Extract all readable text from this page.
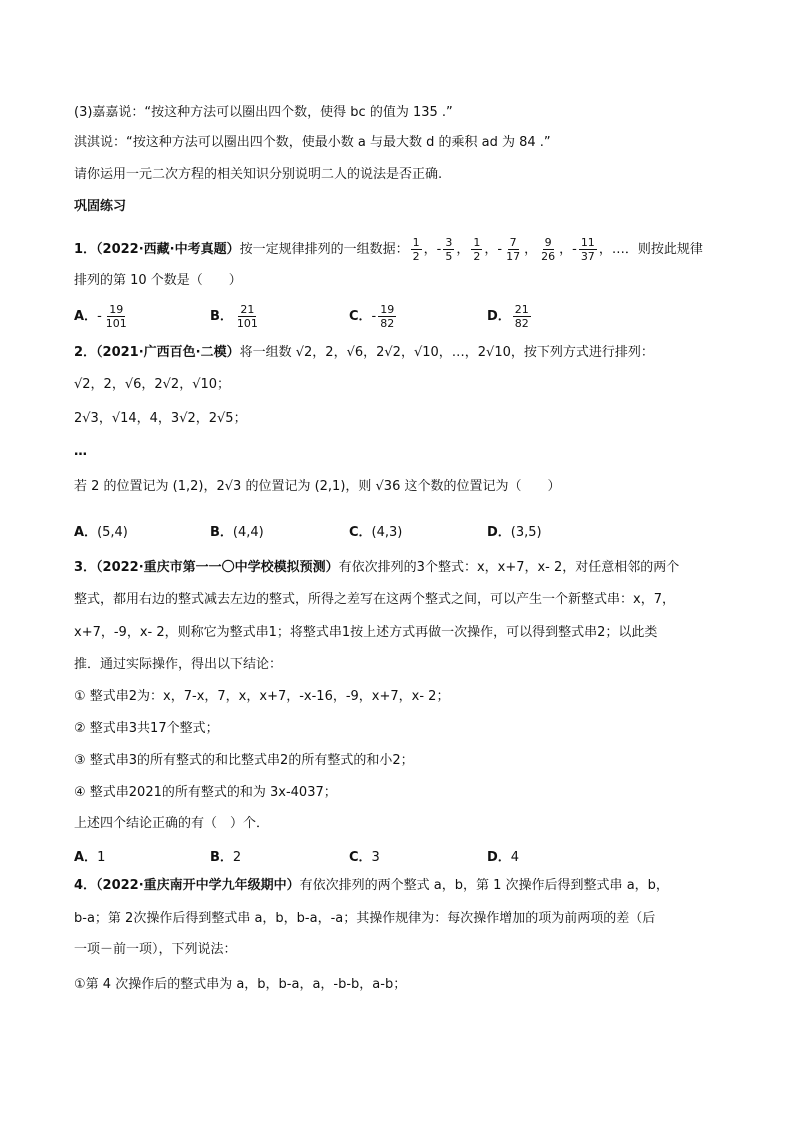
(3)嘉嘉说：“按这种方法可以圈出四个数，使得 bc 的值为 135 .”
淇淇说：“按这种方法可以圈出四个数，使最小数 a 与最大数 d 的乘积 ad 为 84 .”
请你运用一元二次方程的相关知识分别说明二人的说法是否正确.
巩固练习
1．（2022·西藏·中考真题）按一定规律排列的一组数据： $\frac{1}{2}$ ，- $\frac{3}{5}$ ， $\frac{1}{2}$ ，- $\frac{7}{17}$ ， $\frac{9}{26}$ ，- $\frac{11}{37}$ ，…．则按此规律
排列的第 10 个数是（　　）
A．- $\frac{19}{101}$	B． $\frac{21}{101}$	C．- $\frac{19}{82}$	D． $\frac{21}{82}$
2．（2021·广西百色·二模）将一组数 √2，2，√6，2√2，√10，…，2√10，按下列方式进行排列：
√2，2，√6，2√2，√10；
2√3，√14，4，3√2，2√5；
…
若 2 的位置记为 (1,2)，2√3 的位置记为 (2,1)，则 √36 这个数的位置记为（　　）
A．(5,4)	B．(4,4)	C．(4,3)	D．(3,5)
3．（2022·重庆市第一一〇中学校模拟预测）有依次排列的3个整式：x，x+7，x- 2，对任意相邻的两个
整式，都用右边的整式减去左边的整式，所得之差写在这两个整式之间，可以产生一个新整式串：x，7，
x+7，-9，x- 2，则称它为整式串1；将整式串1按上述方式再做一次操作，可以得到整式串2；以此类
推．通过实际操作，得出以下结论：
① 整式串2为：x，7-x，7，x，x+7，-x-16，-9，x+7，x- 2；
② 整式串3共17个整式；
③ 整式串3的所有整式的和比整式串2的所有整式的和小2；
④ 整式串2021的所有整式的和为 3x-4037；
上述四个结论正确的有（　）个．
A．1	B．2	C．3	D．4
4．（2022·重庆南开中学九年级期中）有依次排列的两个整式 a，b，第 1 次操作后得到整式串 a，b，
b-a；第 2次操作后得到整式串 a，b，b-a，-a；其操作规律为：每次操作增加的项为前两项的差（后
一项－前一项），下列说法：
①第 4 次操作后的整式串为 a，b，b-a，a，-b-b，a-b；
